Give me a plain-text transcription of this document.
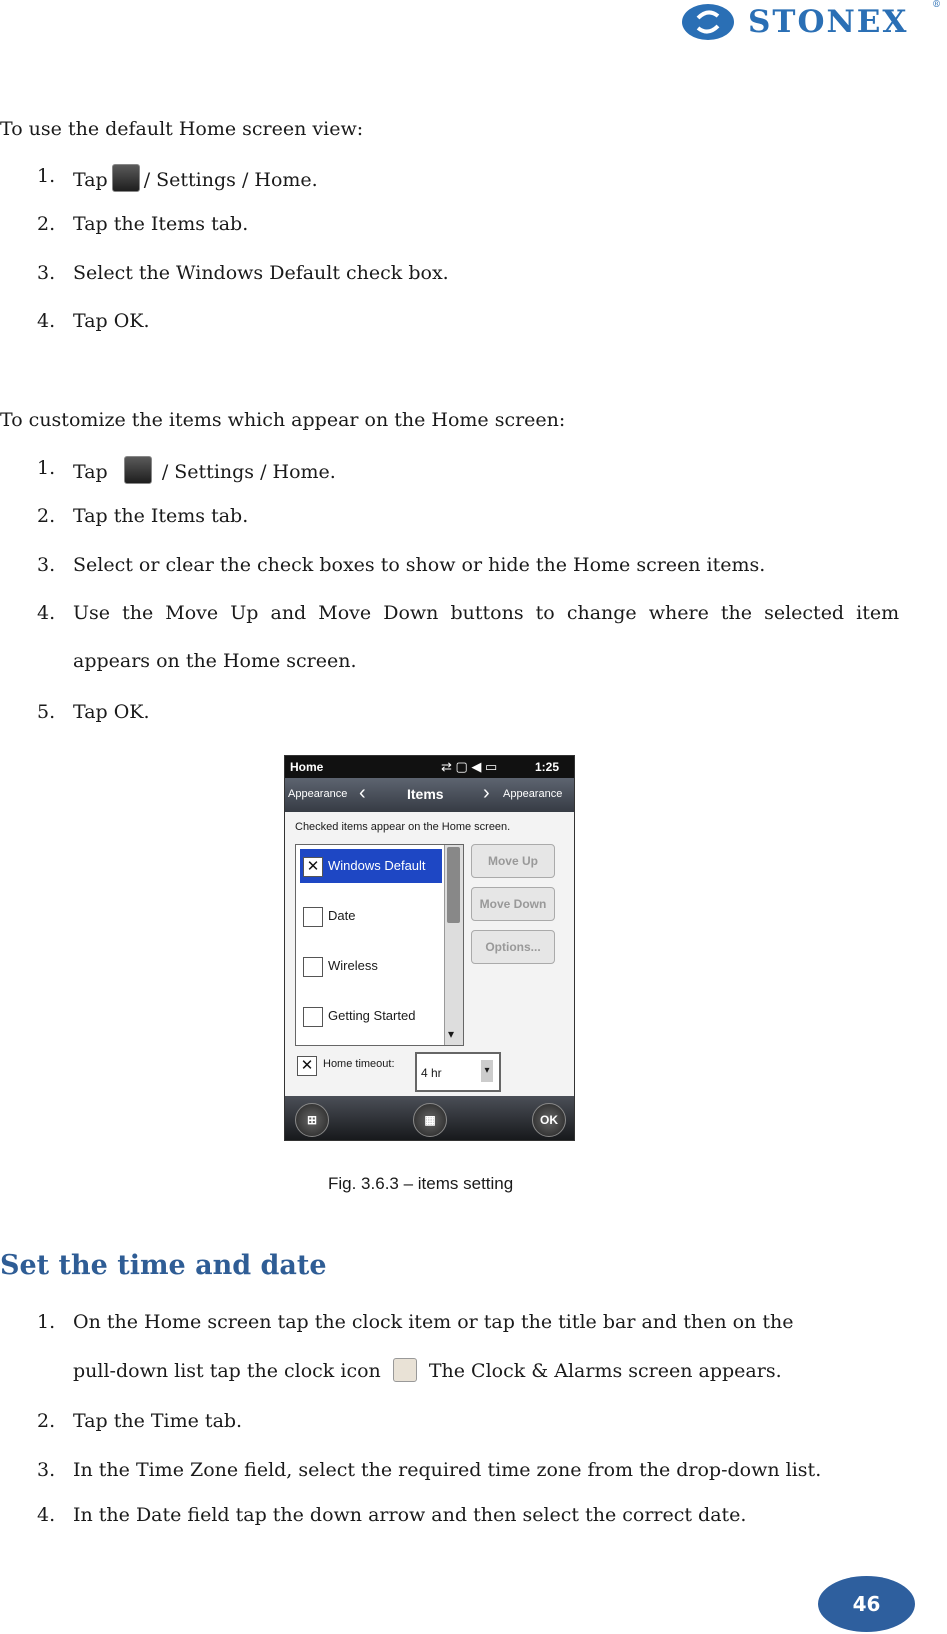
STONEX	®
To use the default Home screen view:
1. Tap / Settings / Home.
2. Tap the Items tab.
3. Select the Windows Default check box.
4. Tap OK.
To customize the items which appear on the Home screen:
1. Tap	/ Settings / Home.
2. Tap the Items tab.
3. Select or clear the check boxes to show or hide the Home screen items.
4. Use  the  Move  Up  and  Move  Down  buttons  to  change  where  the  selected  item
appears on the Home screen.
5. Tap OK.
Home	⇄ ▢ ◀ ▭	1:25
Appearance ‹	Items › Appearance
Checked items appear on the Home screen.
✕ Windows Default
Date
Wireless
Getting Started
▾
Move Up
Move Down
Options...
✕ Home timeout:
4 hr	▾
⊞	▦	OK
Fig. 3.6.3 – items setting
Set the time and date
1. On the Home screen tap the clock item or tap the title bar and then on the
pull-down list tap the clock icon	The Clock & Alarms screen appears.
2. Tap the Time tab.
3. In the Time Zone field, select the required time zone from the drop-down list.
4. In the Date field tap the down arrow and then select the correct date.
46
